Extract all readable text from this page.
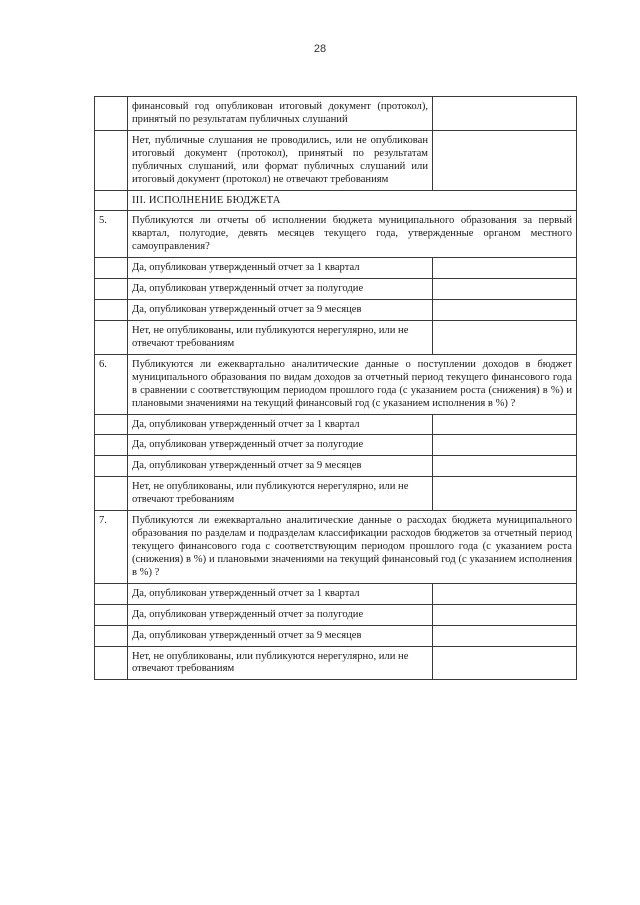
28
	финансовый год опубликован итоговый документ (протокол), принятый по результатам публичных слушаний	
	Нет, публичные слушания не проводились, или не опубликован итоговый документ (протокол), принятый по результатам публичных слушаний, или формат публичных слушаний или итоговый документ (протокол) не отвечают требованиям	
	III. ИСПОЛНЕНИЕ БЮДЖЕТА	
5.	Публикуются ли отчеты об исполнении бюджета муниципального образования за первый квартал, полугодие, девять месяцев текущего года, утвержденные органом местного самоуправления?	
	Да, опубликован утвержденный отчет за 1 квартал	
	Да, опубликован утвержденный отчет за полугодие	
	Да, опубликован утвержденный отчет за 9 месяцев	
	Нет, не опубликованы, или публикуются нерегулярно, или не отвечают требованиям	
6.	Публикуются ли ежеквартально аналитические данные о поступлении доходов в бюджет муниципального образования по видам доходов за отчетный период текущего финансового года в сравнении с соответствующим периодом прошлого года (с указанием роста (снижения) в %) и плановыми значениями на текущий финансовый год (с указанием исполнения в %) ?	
	Да, опубликован утвержденный отчет за 1 квартал	
	Да, опубликован утвержденный отчет за полугодие	
	Да, опубликован утвержденный отчет за 9 месяцев	
	Нет, не опубликованы, или публикуются нерегулярно, или не отвечают требованиям	
7.	Публикуются ли ежеквартально аналитические данные о расходах бюджета муниципального образования по разделам и подразделам классификации расходов бюджетов за отчетный период текущего финансового года с соответствующим периодом прошлого года (с указанием роста (снижения) в %) и плановыми значениями на текущий финансовый год (с указанием исполнения в %) ?	
	Да, опубликован утвержденный отчет за 1 квартал	
	Да, опубликован утвержденный отчет за полугодие	
	Да, опубликован утвержденный отчет за 9 месяцев	
	Нет, не опубликованы, или публикуются нерегулярно, или не отвечают требованиям	
